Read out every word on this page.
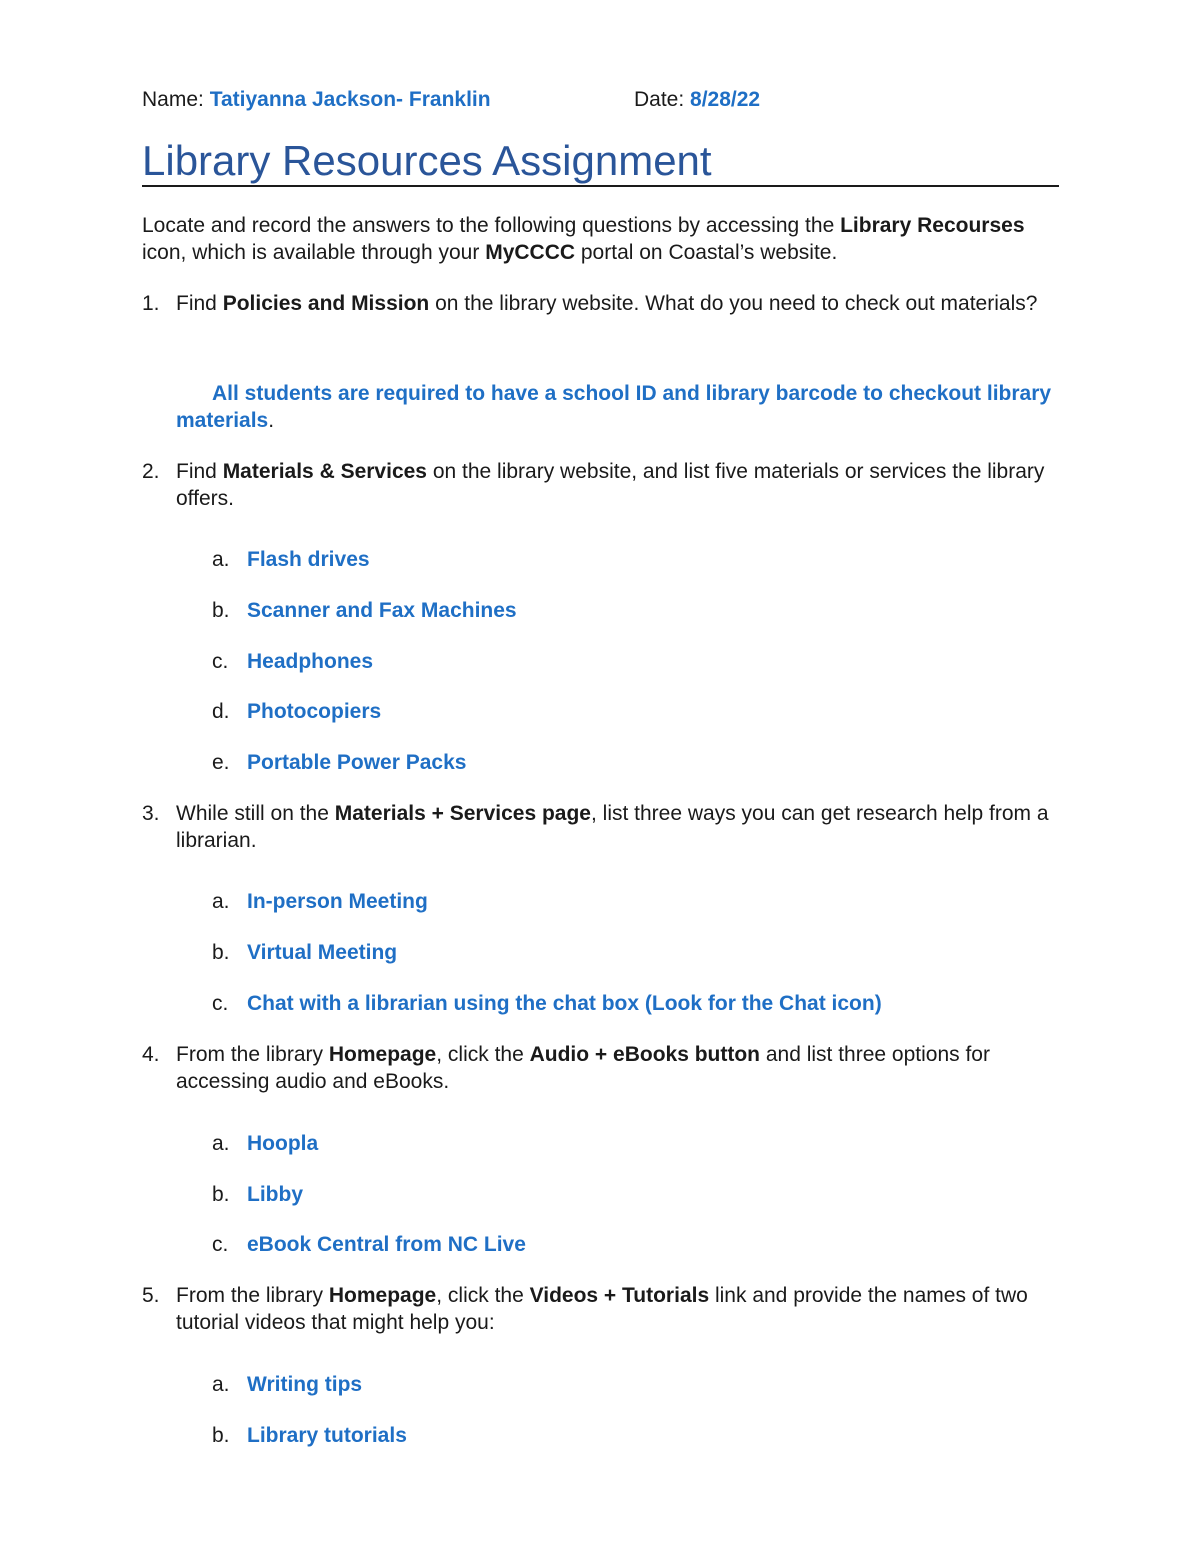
Name: Tatiyanna Jackson- Franklin	Date: 8/28/22
Library Resources Assignment
Locate and record the answers to the following questions by accessing the Library Recourses icon, which is available through your MyCCCC portal on Coastal’s website.
1. Find Policies and Mission on the library website. What do you need to check out materials?
All students are required to have a school ID and library barcode to checkout library materials.
2. Find Materials & Services on the library website, and list five materials or services the library offers.
a. Flash drives
b. Scanner and Fax Machines
c. Headphones
d. Photocopiers
e. Portable Power Packs
3. While still on the Materials + Services page, list three ways you can get research help from a librarian.
a. In-person Meeting
b. Virtual Meeting
c. Chat with a librarian using the chat box (Look for the Chat icon)
4. From the library Homepage, click the Audio + eBooks button and list three options for accessing audio and eBooks.
a. Hoopla
b. Libby
c. eBook Central from NC Live
5. From the library Homepage, click the Videos + Tutorials link and provide the names of two tutorial videos that might help you:
a. Writing tips
b. Library tutorials
